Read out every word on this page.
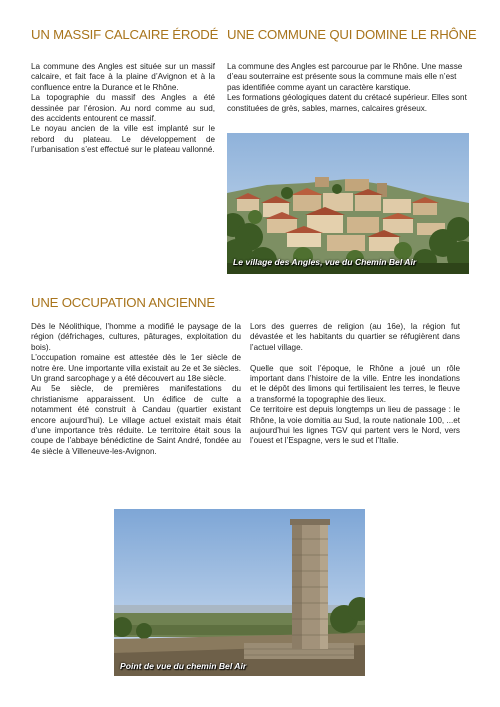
UN MASSIF CALCAIRE ÉRODÉ

La commune des Angles est située sur un massif calcaire, et fait face à la plaine d’Avignon et à la confluence entre la Durance et le Rhône.

La topographie du massif des Angles a été dessinée par l’érosion. Au nord comme au sud, des accidents entourent ce massif.

Le noyau ancien de la ville est implanté sur le rebord du plateau. Le développement de l’urbanisation s’est effectué sur le plateau vallonné.

UNE COMMUNE QUI DOMINE LE RHÔNE

La commune des Angles est parcourue par le Rhône. Une masse d’eau souterraine est présente sous la commune mais elle n’est pas identifiée comme ayant un caractère karstique.

Les formations géologiques datent du crétacé supérieur. Elles sont constituées de grès, sables, marnes, calcaires gréseux.

Le village des Angles, vue du Chemin Bel Air
UNE OCCUPATION ANCIENNE

Dès le Néolithique, l’homme a modifié le paysage de la région (défrichages, cultures, pâturages, exploitation du bois).

L’occupation romaine est attestée dès le 1er siècle de notre ère. Une importante villa existait au 2e et 3e siècles. Un grand sarcophage y a été découvert au 18e siècle.

Au 5e siècle, de premières manifestations du christianisme apparaissent. Un édifice de culte a notamment été construit à Candau (quartier existant encore aujourd’hui). Le village actuel existait mais était d’une importance très réduite. Le territoire était sous la coupe de l’abbaye bénédictine de Saint André, fondée au 4e siècle à Villeneuve-les-Avignon.

Lors des guerres de religion (au 16e), la région fut dévastée et les habitants du quartier se réfugièrent dans l’actuel village.

Quelle que soit l’époque, le Rhône a joué un rôle important dans l’histoire de la ville. Entre les inondations et le dépôt des limons qui fertilisaient les terres, le fleuve a transformé la topographie des lieux.

Ce territoire est depuis longtemps un lieu de passage : le Rhône, la voie domitia au Sud, la route nationale 100, ...et aujourd’hui les lignes TGV qui partent vers le Nord, vers l’ouest et l’Espagne, vers le sud et l’Italie.

Point de vue du chemin Bel Air
